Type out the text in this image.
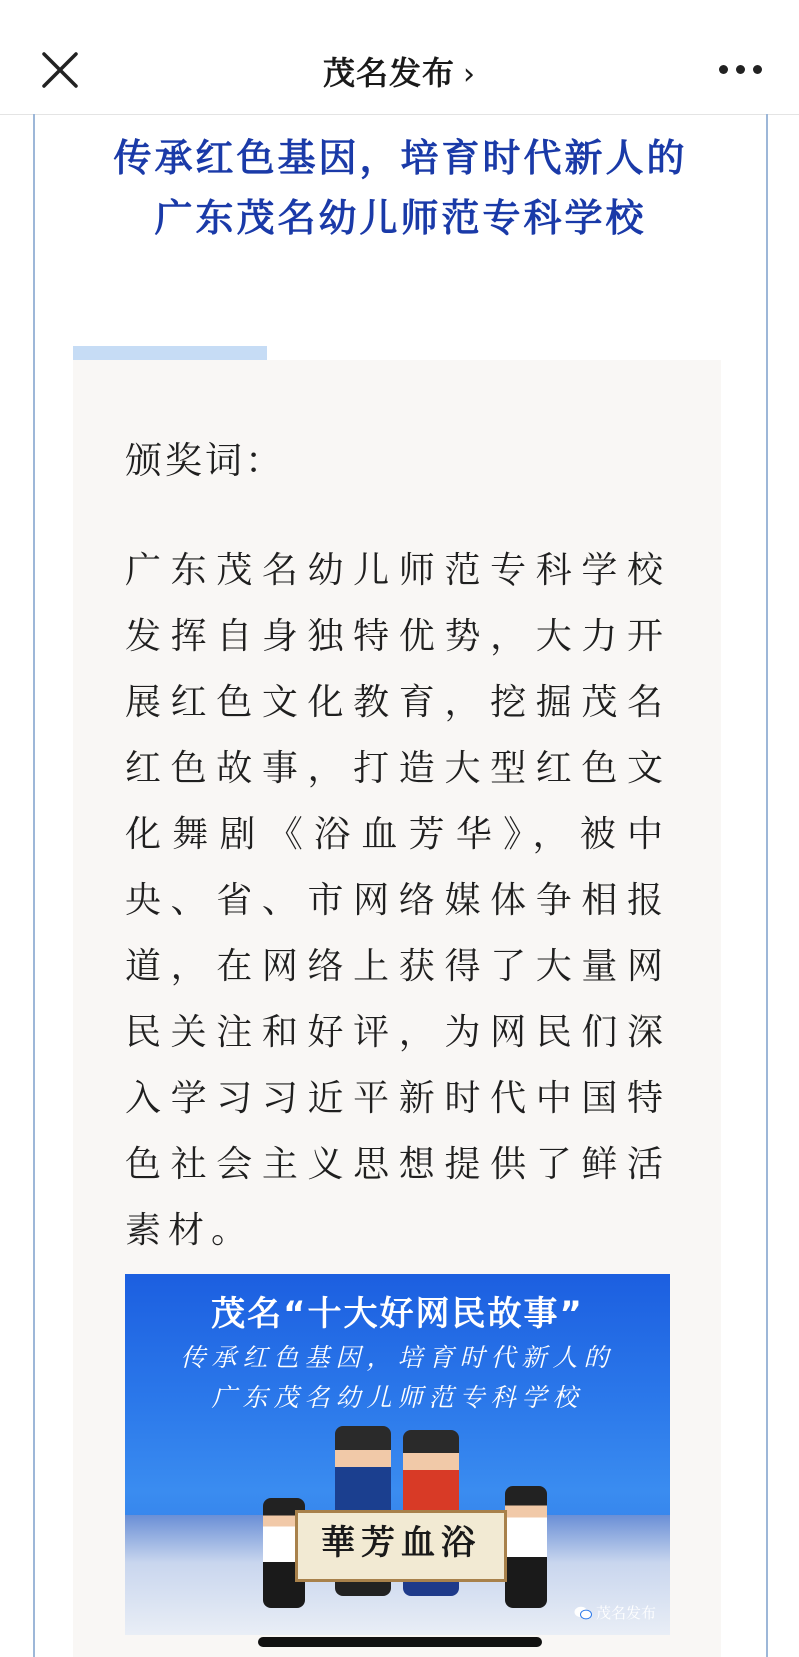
茂名发布 ›
传承红色基因，培育时代新人的
广东茂名幼儿师范专科学校
颁奖词：
广东茂名幼儿师范专科学校发挥自身独特优势，大力开展红色文化教育，挖掘茂名红色故事，打造大型红色文化舞剧《浴血芳华》，被中央、省、市网络媒体争相报道，在网络上获得了大量网民关注和好评，为网民们深入学习习近平新时代中国特色社会主义思想提供了鲜活素材。
茂名“十大好网民故事”
传承红色基因，培育时代新人的
广东茂名幼儿师范专科学校
華芳血浴
茂名发布
